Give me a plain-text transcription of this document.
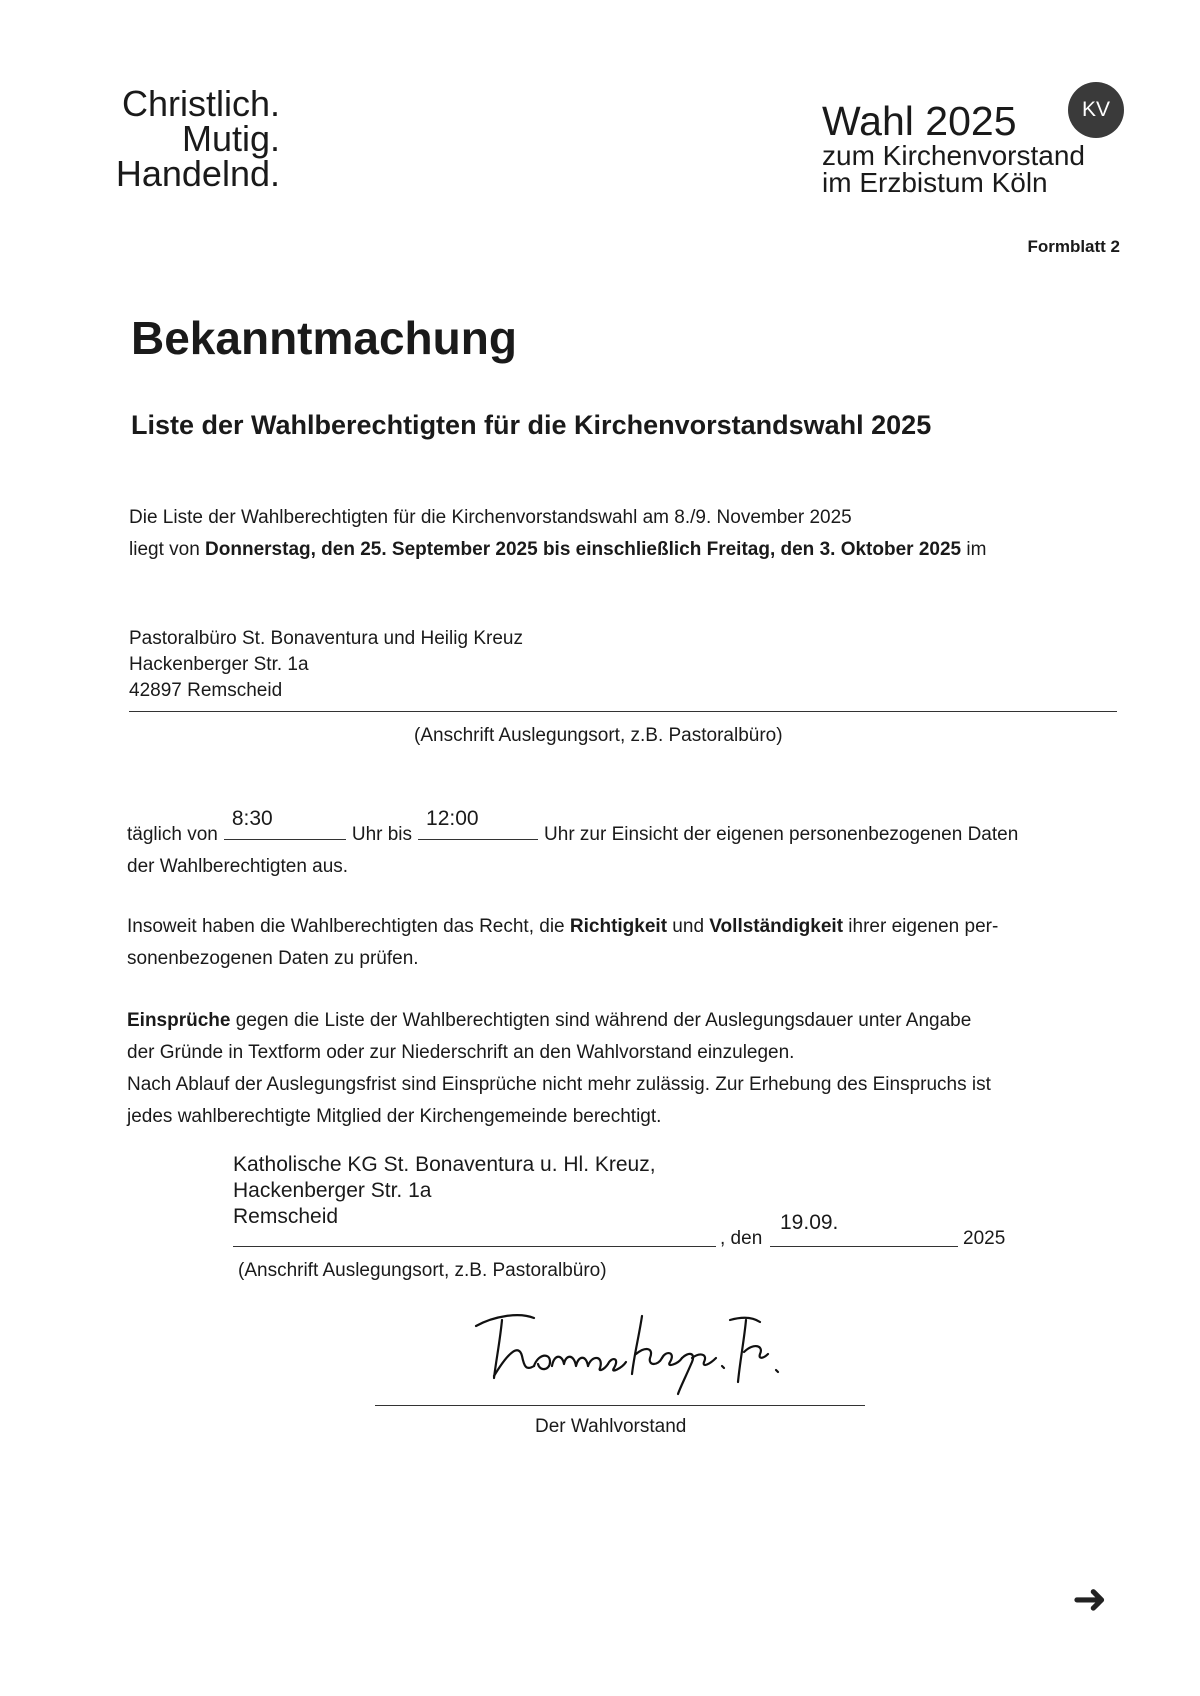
Christlich.
Mutig.
Handelnd.
Wahl 2025
zum Kirchenvorstand
im Erzbistum Köln
KV
Formblatt 2
Bekanntmachung
Liste der Wahlberechtigten für die Kirchenvorstandswahl 2025
Die Liste der Wahlberechtigten für die Kirchenvorstandswahl am 8./9. November 2025
liegt von Donnerstag, den 25. September 2025 bis einschließlich Freitag, den 3. Oktober 2025 im
Pastoralbüro St. Bonaventura und Heilig Kreuz
Hackenberger Str. 1a
42897 Remscheid
(Anschrift Auslegungsort, z.B. Pastoralbüro)
täglich von
8:30
Uhr bis
12:00
Uhr zur Einsicht der eigenen personenbezogenen Daten
der Wahlberechtigten aus.
Insoweit haben die Wahlberechtigten das Recht, die Richtigkeit und Vollständigkeit ihrer eigenen per-
sonenbezogenen Daten zu prüfen.
Einsprüche gegen die Liste der Wahlberechtigten sind während der Auslegungsdauer unter Angabe
der Gründe in Textform oder zur Niederschrift an den Wahlvorstand einzulegen.
Nach Ablauf der Auslegungsfrist sind Einsprüche nicht mehr zulässig. Zur Erhebung des Einspruchs ist
jedes wahlberechtigte Mitglied der Kirchengemeinde berechtigt.
Katholische KG St. Bonaventura u. Hl. Kreuz,
Hackenberger Str. 1a
Remscheid
, den
19.09.
2025
(Anschrift Auslegungsort, z.B. Pastoralbüro)
Der Wahlvorstand
➜
